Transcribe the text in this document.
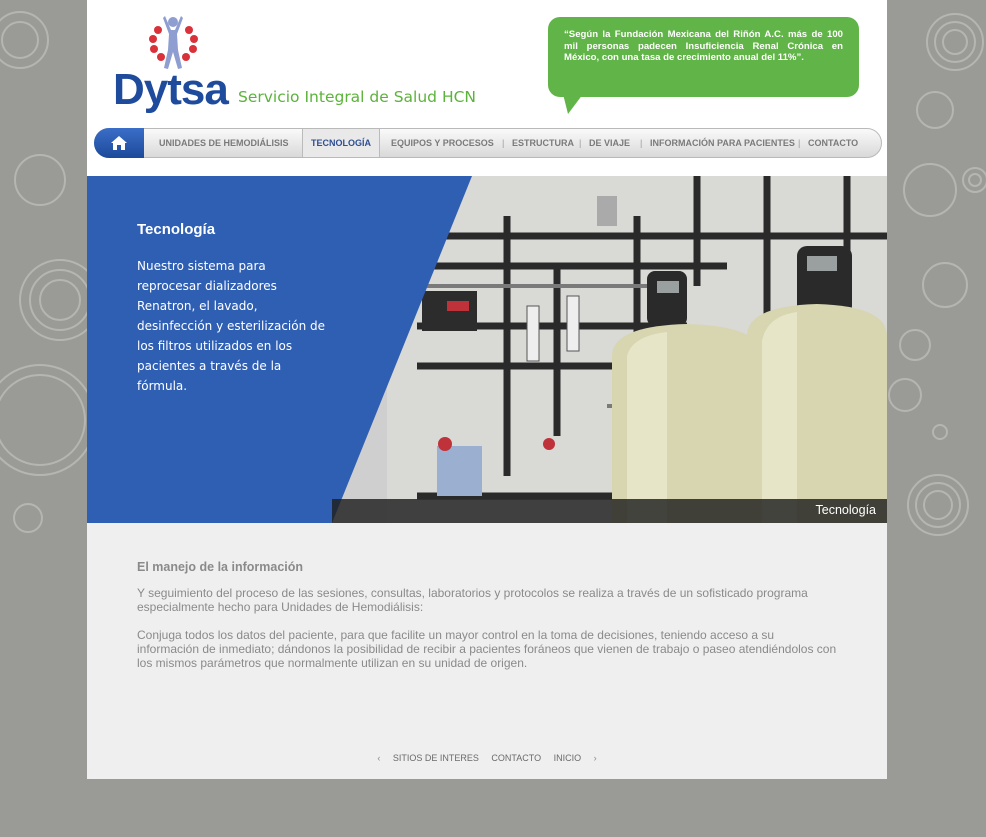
Dytsa Servicio Integral de Salud HCN
“Según la Fundación Mexicana del Riñón A.C. más de 100 mil personas padecen Insuficiencia Renal Crónica en México, con una tasa de crecimiento anual del 11%”.
UNIDADES DE HEMODIÁLISIS	TECNOLOGÍA	EQUIPOS Y PROCESOS | ESTRUCTURA | DE VIAJE | INFORMACIÓN PARA PACIENTES | CONTACTO
Tecnología
Nuestro sistema para reprocesar dializadores Renatron, el lavado, desinfección y esterilización de los filtros utilizados en los pacientes a través de la fórmula.
Tecnología
El manejo de la información

Y seguimiento del proceso de las sesiones, consultas, laboratorios y protocolos se realiza a través de un sofisticado programa especialmente hecho para Unidades de Hemodiálisis:

Conjuga todos los datos del paciente, para que facilite un mayor control en la toma de decisiones, teniendo acceso a su información de inmediato; dándonos la posibilidad de recibir a pacientes foráneos que vienen de trabajo o paseo atendiéndolos con los mismos parámetros que normalmente utilizan en su unidad de origen.

‹ SITIOS DE INTERES CONTACTO INICIO ›
